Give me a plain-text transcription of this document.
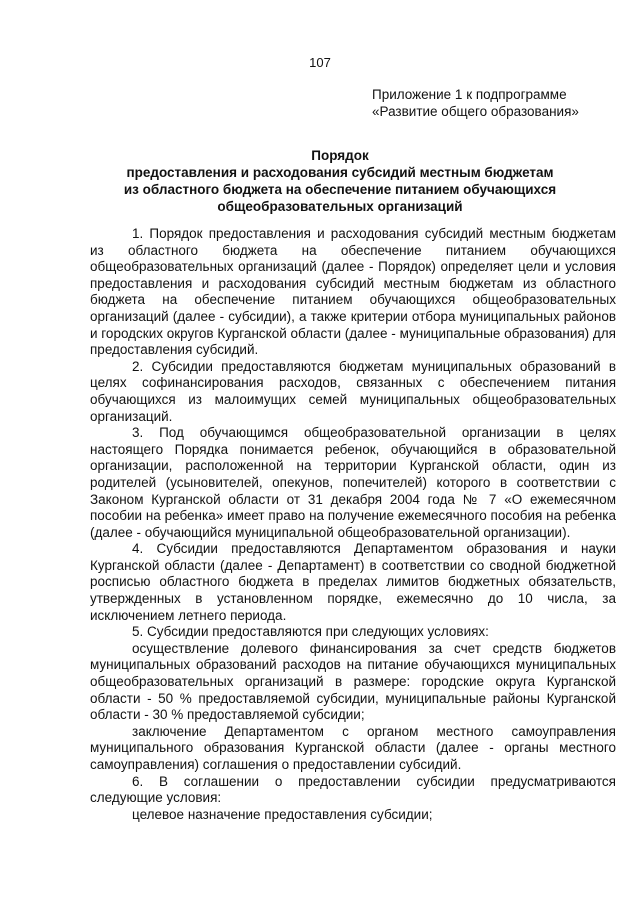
107
Приложение 1 к подпрограмме
«Развитие общего образования»
Порядок
предоставления и расходования субсидий местным бюджетам
из областного бюджета на обеспечение питанием обучающихся
общеобразовательных организаций

1. Порядок предоставления и расходования субсидий местным бюджетам из областного бюджета на обеспечение питанием обучающихся общеобразовательных организаций (далее - Порядок) определяет цели и условия предоставления и расходования субсидий местным бюджетам из областного бюджета на обеспечение питанием обучающихся общеобразовательных организаций (далее - субсидии), а также критерии отбора муниципальных районов и городских округов Курганской области (далее - муниципальные образования) для предоставления субсидий.

2. Субсидии предоставляются бюджетам муниципальных образований в целях софинансирования расходов, связанных с обеспечением питания обучающихся из малоимущих семей муниципальных общеобразовательных организаций.

3. Под обучающимся общеобразовательной организации в целях настоящего Порядка понимается ребенок, обучающийся в образовательной организации, расположенной на территории Курганской области, один из родителей (усыновителей, опекунов, попечителей) которого в соответствии с Законом Курганской области от 31 декабря 2004 года № 7 «О ежемесячном пособии на ребенка» имеет право на получение ежемесячного пособия на ребенка (далее - обучающийся муниципальной общеобразовательной организации).

4. Субсидии предоставляются Департаментом образования и науки Курганской области (далее - Департамент) в соответствии со сводной бюджетной росписью областного бюджета в пределах лимитов бюджетных обязательств, утвержденных в установленном порядке, ежемесячно до 10 числа, за исключением летнего периода.

5. Субсидии предоставляются при следующих условиях:

осуществление долевого финансирования за счет средств бюджетов муниципальных образований расходов на питание обучающихся муниципальных общеобразовательных организаций в размере: городские округа Курганской области - 50 % предоставляемой субсидии, муниципальные районы Курганской области - 30 % предоставляемой субсидии;

заключение Департаментом с органом местного самоуправления муниципального образования Курганской области (далее - органы местного самоуправления) соглашения о предоставлении субсидий.

6. В соглашении о предоставлении субсидии предусматриваются следующие условия:

целевое назначение предоставления субсидии;
